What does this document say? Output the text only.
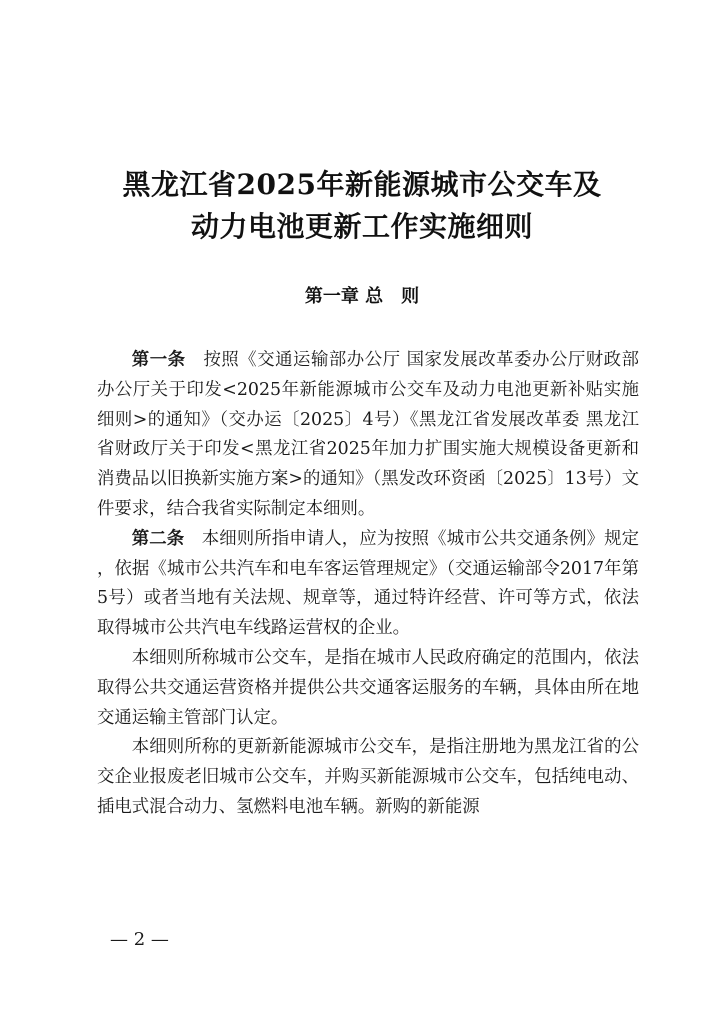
黑龙江省2025年新能源城市公交车及
动力电池更新工作实施细则
第一章 总　则

第一条　按照《交通运输部办公厅 国家发展改革委办公厅财政部办公厅关于印发<2025年新能源城市公交车及动力电池更新补贴实施细则>的通知》（交办运〔2025〕4号）《黑龙江省发展改革委 黑龙江省财政厅关于印发<黑龙江省2025年加力扩围实施大规模设备更新和消费品以旧换新实施方案>的通知》（黑发改环资函〔2025〕13号）文件要求，结合我省实际制定本细则。

第二条　本细则所指申请人，应为按照《城市公共交通条例》规定，依据《城市公共汽车和电车客运管理规定》（交通运输部令2017年第5号）或者当地有关法规、规章等，通过特许经营、许可等方式，依法取得城市公共汽电车线路运营权的企业。

本细则所称城市公交车，是指在城市人民政府确定的范围内，依法取得公共交通运营资格并提供公共交通客运服务的车辆，具体由所在地交通运输主管部门认定。

本细则所称的更新新能源城市公交车，是指注册地为黑龙江省的公交企业报废老旧城市公交车，并购买新能源城市公交车，包括纯电动、插电式混合动力、氢燃料电池车辆。新购的新能源

— 2 —
